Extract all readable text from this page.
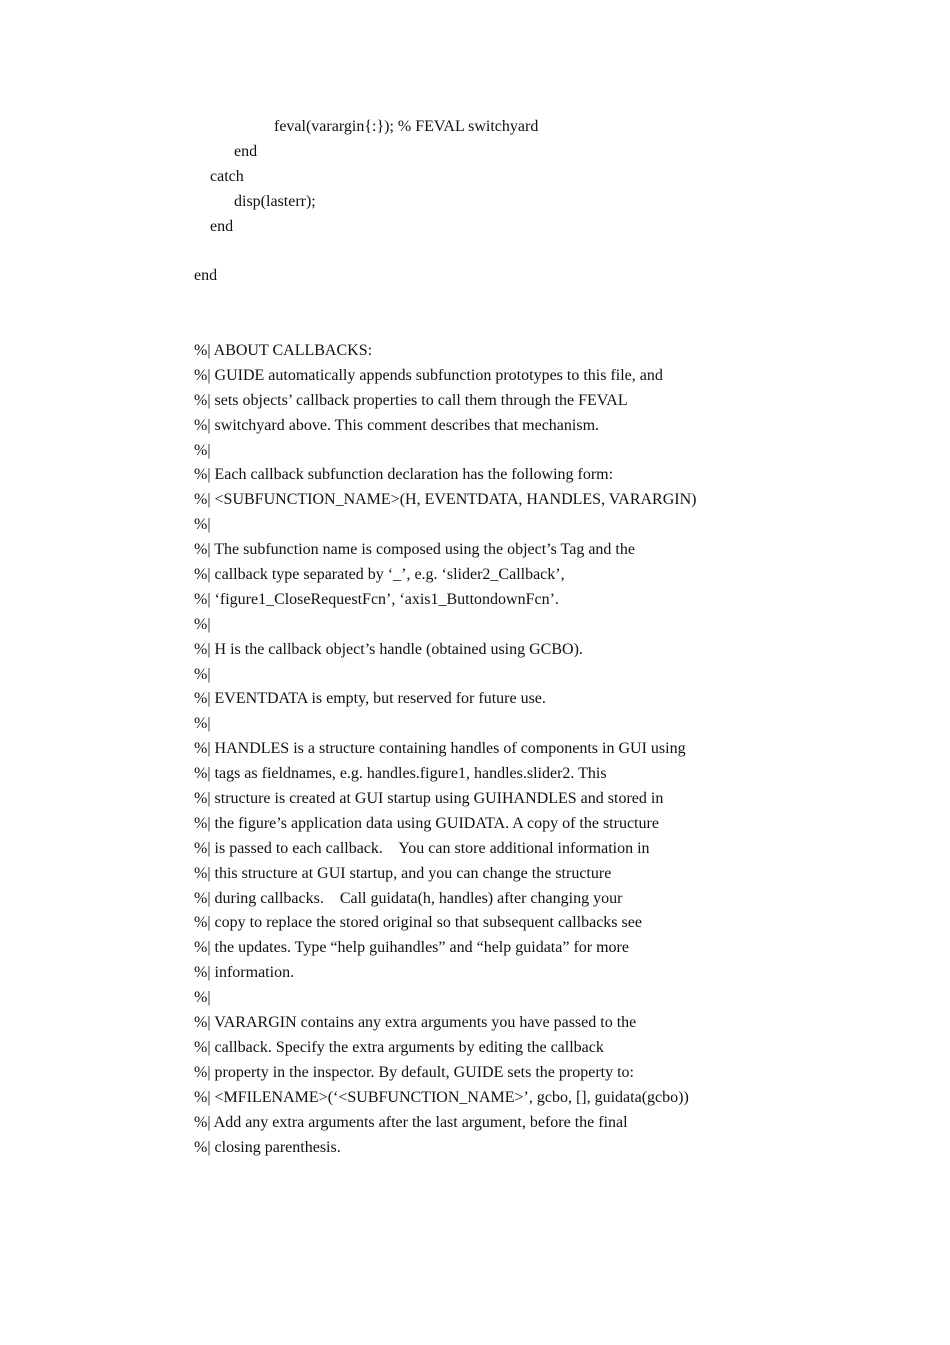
feval(varargin{:}); % FEVAL switchyard
end
catch
disp(lasterr);
end
end
%| ABOUT CALLBACKS:
%| GUIDE automatically appends subfunction prototypes to this file, and
%| sets objects’ callback properties to call them through the FEVAL
%| switchyard above. This comment describes that mechanism.
%|
%| Each callback subfunction declaration has the following form:
%| <SUBFUNCTION_NAME>(H, EVENTDATA, HANDLES, VARARGIN)
%|
%| The subfunction name is composed using the object’s Tag and the
%| callback type separated by ‘_’, e.g. ‘slider2_Callback’,
%| ‘figure1_CloseRequestFcn’, ‘axis1_ButtondownFcn’.
%|
%| H is the callback object’s handle (obtained using GCBO).
%|
%| EVENTDATA is empty, but reserved for future use.
%|
%| HANDLES is a structure containing handles of components in GUI using
%| tags as fieldnames, e.g. handles.figure1, handles.slider2. This
%| structure is created at GUI startup using GUIHANDLES and stored in
%| the figure’s application data using GUIDATA. A copy of the structure
%| is passed to each callback.    You can store additional information in
%| this structure at GUI startup, and you can change the structure
%| during callbacks.    Call guidata(h, handles) after changing your
%| copy to replace the stored original so that subsequent callbacks see
%| the updates. Type “help guihandles” and “help guidata” for more
%| information.
%|
%| VARARGIN contains any extra arguments you have passed to the
%| callback. Specify the extra arguments by editing the callback
%| property in the inspector. By default, GUIDE sets the property to:
%| <MFILENAME>(‘<SUBFUNCTION_NAME>’, gcbo, [], guidata(gcbo))
%| Add any extra arguments after the last argument, before the final
%| closing parenthesis.
